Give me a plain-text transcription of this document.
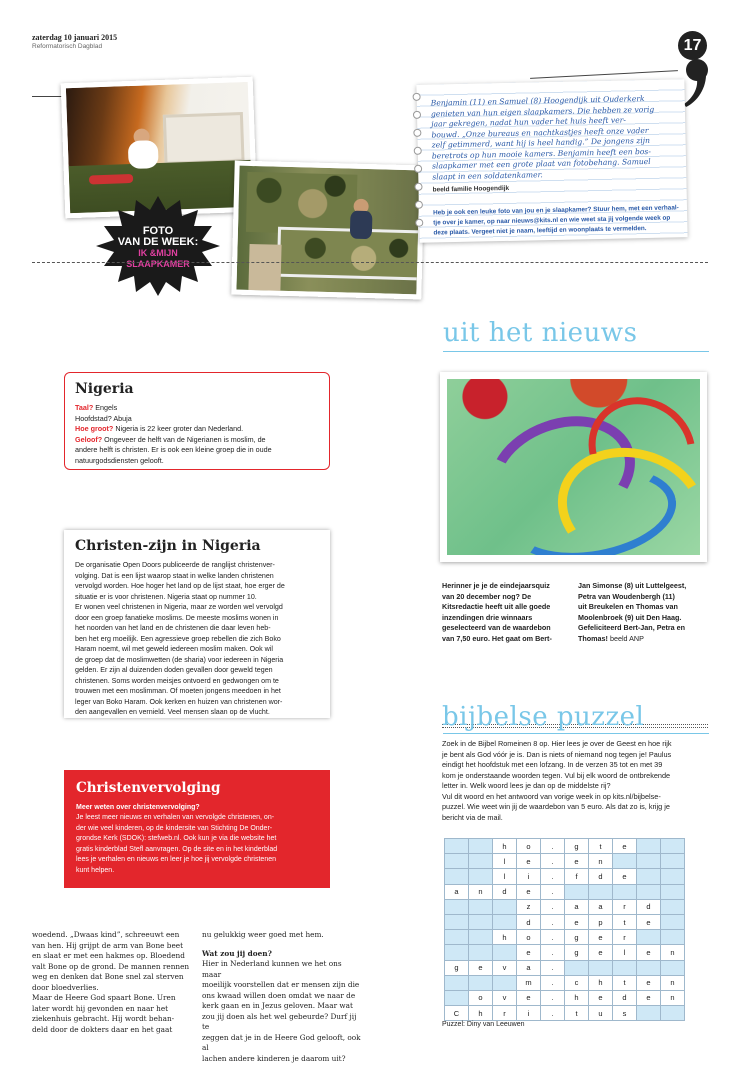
zaterdag 10 januari 2015
Reformatorisch Dagblad	17
FOTO
VAN DE WEEK:
IK &MIJN
SLAAPKAMER
Benjamin (11) en Samuel (8) Hoogendijk uit Ouderkerk
genieten van hun eigen slaapkamers. Die hebben ze vorig
jaar gekregen, nadat hun vader het huis heeft ver-
bouwd. „Onze bureaus en nachtkastjes heeft onze vader
zelf getimmerd, want hij is heel handig.” De jongens zijn
beretrots op hun mooie kamers. Benjamin heeft een bos-
slaapkamer met een grote plaat van fotobehang. Samuel
slaapt in een soldatenkamer.
beeld familie Hoogendijk
Heb je ook een leuke foto van jou en je slaapkamer? Stuur hem, met een verhaal-
tje over je kamer, op naar nieuws@kits.nl en wie weet sta jij volgende week op
deze plaats. Vergeet niet je naam, leeftijd en woonplaats te vermelden.
uit het nieuws
Herinner je je de eindejaarsquiz
van 20 december nog? De
Kitsredactie heeft uit alle goede
inzendingen drie winnaars
geselecteerd van de waardebon
van 7,50 euro. Het gaat om Bert-
Jan Simonse (8) uit Luttelgeest,
Petra van Woudenbergh (11)
uit Breukelen en Thomas van
Moolenbroek (9) uit Den Haag.
Gefeliciteerd Bert-Jan, Petra en
Thomas! beeld ANP
Nigeria
Taal? Engels
Hoofdstad? Abuja
Hoe groot? Nigeria is 22 keer groter dan Nederland.
Geloof? Ongeveer de helft van de Nigerianen is moslim, de
andere helft is christen. Er is ook een kleine groep die in oude
natuurgodsdiensten gelooft.
Christen-zijn in Nigeria
De organisatie Open Doors publiceerde de ranglijst christenver-
volging. Dat is een lijst waarop staat in welke landen christenen
vervolgd worden. Hoe hoger het land op de lijst staat, hoe erger de
situatie er is voor christenen. Nigeria staat op nummer 10.
Er wonen veel christenen in Nigeria, maar ze worden wel vervolgd
door een groep fanatieke moslims. De meeste moslims wonen in
het noorden van het land en de christenen die daar leven heb-
ben het erg moeilijk. Een agressieve groep rebellen die zich Boko
Haram noemt, wil met geweld iedereen moslim maken. Ook wil
de groep dat de moslimwetten (de sharia) voor iedereen in Nigeria
gelden. Er zijn al duizenden doden gevallen door geweld tegen
christenen. Soms worden meisjes ontvoerd en gedwongen om te
trouwen met een moslimman. Of moeten jongens meedoen in het
leger van Boko Haram. Ook kerken en huizen van christenen wor-
den aangevallen en vernield. Veel mensen slaan op de vlucht.
Christenvervolging
Meer weten over christenvervolging?
Je leest meer nieuws en verhalen van vervolgde christenen, on-
der wie veel kinderen, op de kindersite van Stichting De Onder-
grondse Kerk (SDOK): stefweb.nl. Ook kun je via die website het
gratis kinderblad Stefl aanvragen. Op de site en in het kinderblad
lees je verhalen en nieuws en leer je hoe jij vervolgde christenen
kunt helpen.
woedend. „Dwaas kind”, schreeuwt een
van hen. Hij grijpt de arm van Bone beet
en slaat er met een hakmes op. Bloedend
valt Bone op de grond. De mannen rennen
weg en denken dat Bone snel zal sterven
door bloedverlies.
Maar de Heere God spaart Bone. Uren
later wordt hij gevonden en naar het
ziekenhuis gebracht. Hij wordt behan-
deld door de dokters daar en het gaat
nu gelukkig weer goed met hem.
Wat zou jij doen?
Hier in Nederland kunnen we het ons maar
moeilijk voorstellen dat er mensen zijn die
ons kwaad willen doen omdat we naar de
kerk gaan en in Jezus geloven. Maar wat
zou jij doen als het wel gebeurde? Durf jij te
zeggen dat je in de Heere God gelooft, ook al
lachen andere kinderen je daarom uit?
bijbelse puzzel
Zoek in de Bijbel Romeinen 8 op. Hier lees je over de Geest en hoe rijk
je bent als God vóór je is. Dan is niets of niemand nog tegen je! Paulus
eindigt het hoofdstuk met een lofzang. In de verzen 35 tot en met 39
kom je onderstaande woorden tegen. Vul bij elk woord de ontbrekende
letter in. Welk woord lees je dan op de middelste rij?
Vul dit woord en het antwoord van vorige week in op kits.nl/bijbelse-
puzzel. Wie weet win jij de waardebon van 5 euro. Als dat zo is, krijg je
bericht via de mail.
		h	o	.	g	t	e		
		l	e	.	e	n			
		l	i	.	f	d	e		
a	n	d	e	.					
			z	.	a	a	r	d	
			d	.	e	p	t	e	
		h	o	.	g	e	r		
			e	.	g	e	l	e	n
g	e	v	a	.					
			m	.	c	h	t	e	n
	o	v	e	.	h	e	d	e	n
C	h	r	i	.	t	u	s		
Puzzel: Diny van Leeuwen
